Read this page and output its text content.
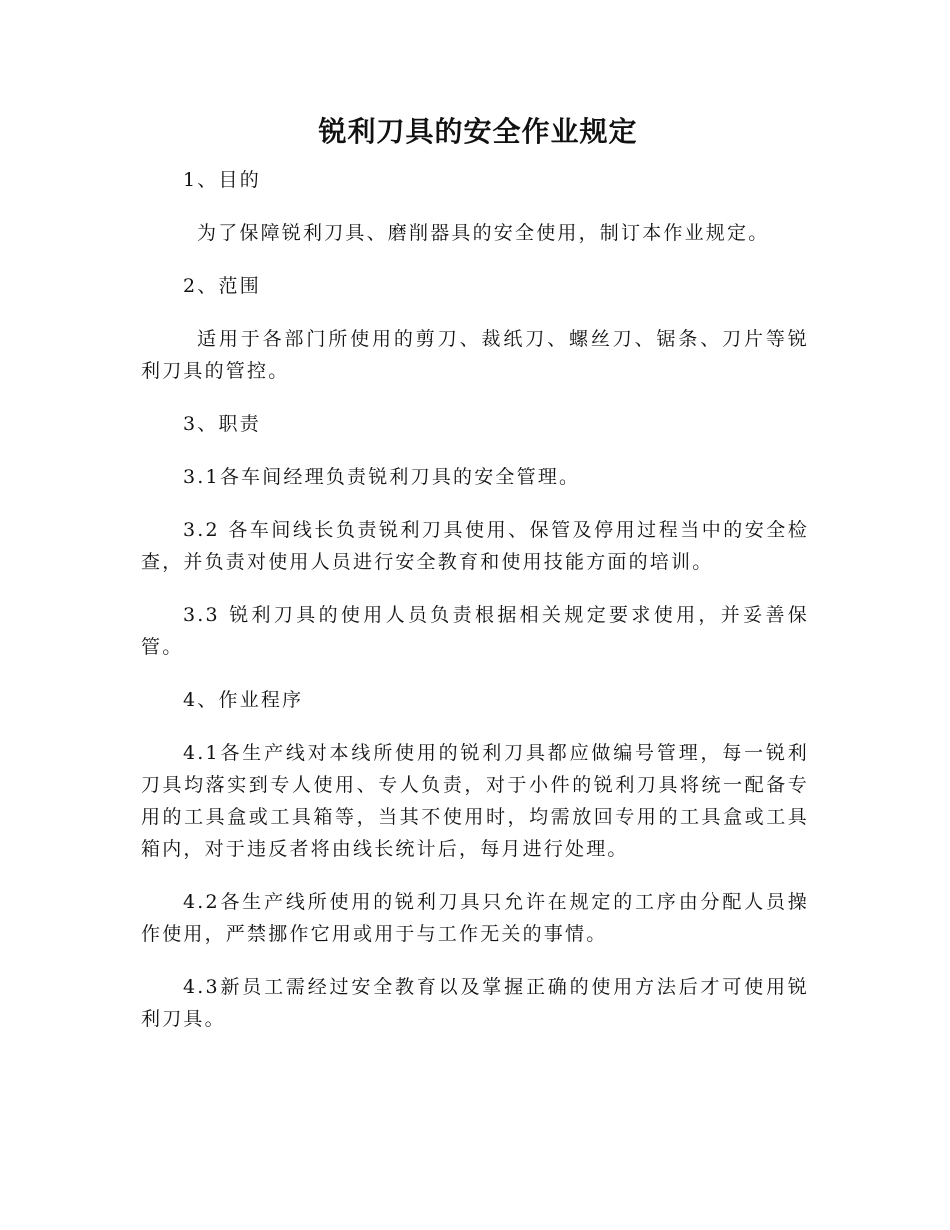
锐利刀具的安全作业规定

1、目的

为了保障锐利刀具、磨削器具的安全使用，制订本作业规定。

2、范围

适用于各部门所使用的剪刀、裁纸刀、螺丝刀、锯条、刀片等锐利刀具的管控。

3、职责

3.1各车间经理负责锐利刀具的安全管理。

3.2 各车间线长负责锐利刀具使用、保管及停用过程当中的安全检查，并负责对使用人员进行安全教育和使用技能方面的培训。

3.3 锐利刀具的使用人员负责根据相关规定要求使用，并妥善保管。

4、作业程序

4.1各生产线对本线所使用的锐利刀具都应做编号管理，每一锐利刀具均落实到专人使用、专人负责，对于小件的锐利刀具将统一配备专用的工具盒或工具箱等，当其不使用时，均需放回专用的工具盒或工具箱内，对于违反者将由线长统计后，每月进行处理。

4.2各生产线所使用的锐利刀具只允许在规定的工序由分配人员操作使用，严禁挪作它用或用于与工作无关的事情。

4.3新员工需经过安全教育以及掌握正确的使用方法后才可使用锐利刀具。
